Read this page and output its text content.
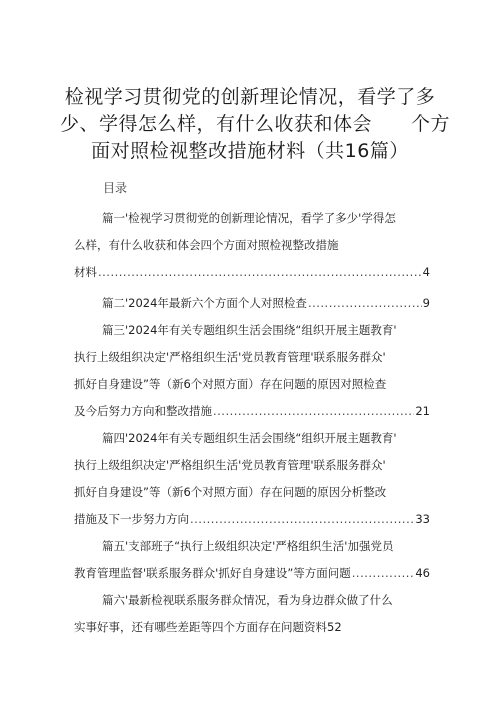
检视学习贯彻党的创新理论情况，看学了多
少、学得怎么样，有什么收获和体会　　个方
面对照检视整改措施材料（共16篇）
目录
篇一'检视学习贯彻党的创新理论情况，看学了多少'学得怎
么样，有什么收获和体会四个方面对照检视整改措施
材料 .....	4
篇二'2024年最新六个方面个人对照检查 .....	9
篇三'2024年有关专题组织生活会围绕“组织开展主题教育'
执行上级组织决定'严格组织生活'党员教育管理'联系服务群众'
抓好自身建设”等（新6个对照方面）存在问题的原因对照检查
及今后努力方向和整改措施 .....	21
篇四'2024年有关专题组织生活会围绕“组织开展主题教育'
执行上级组织决定'严格组织生活'党员教育管理'联系服务群众'
抓好自身建设”等（新6个对照方面）存在问题的原因分析整改
措施及下一步努力方向 .....	33
篇五'支部班子“执行上级组织决定'严格组织生活'加强党员
教育管理监督'联系服务群众'抓好自身建设”等方面问题 .....	46
篇六'最新检视联系服务群众情况，看为身边群众做了什么
实事好事，还有哪些差距等四个方面存在问题资料52
